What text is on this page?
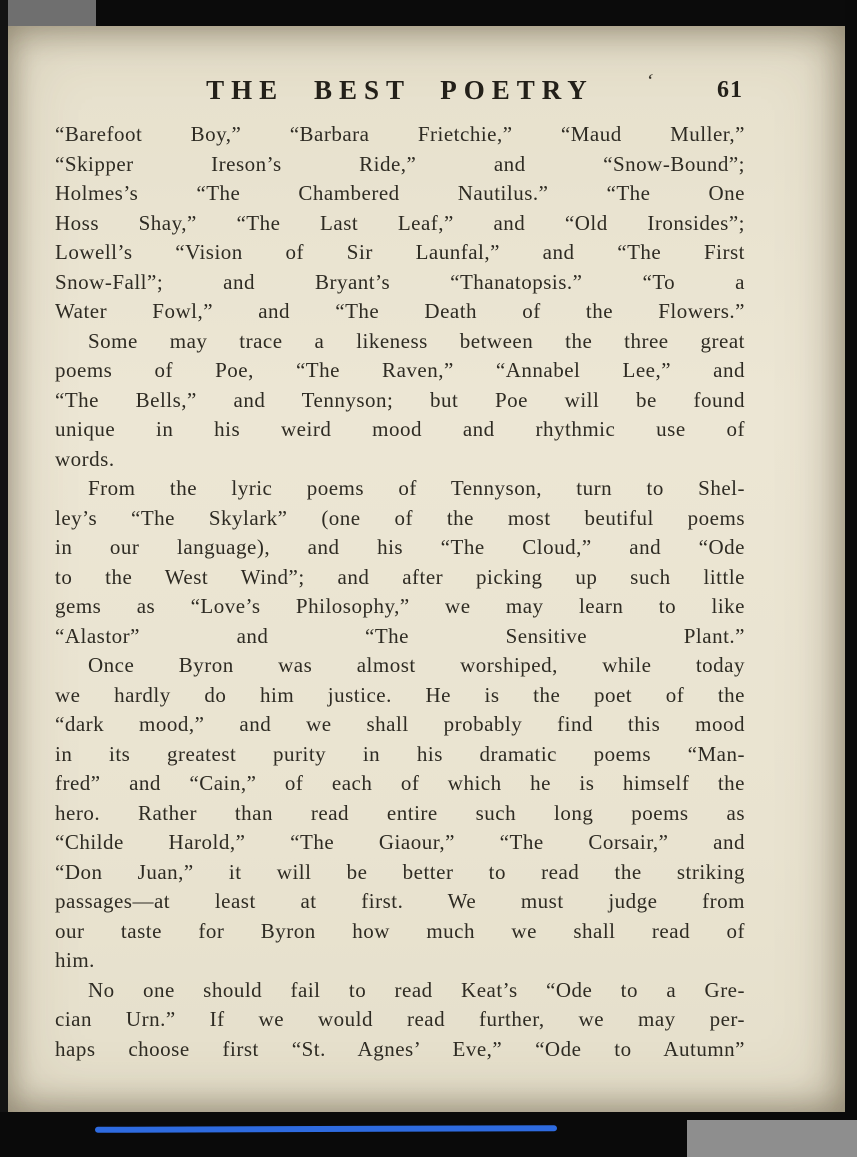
THE BEST POETRY	‘	61
“Barefoot Boy,” “Barbara Frietchie,” “Maud Muller,”
“Skipper Ireson’s Ride,” and “Snow-Bound”;
Holmes’s “The Chambered Nautilus.” “The One
Hoss Shay,” “The Last Leaf,” and “Old Ironsides”;
Lowell’s “Vision of Sir Launfal,” and “The First
Snow-Fall”; and Bryant’s “Thanatopsis.” “To a
Water Fowl,” and “The Death of the Flowers.”
Some may trace a likeness between the three great
poems of Poe, “The Raven,” “Annabel Lee,” and
“The Bells,” and Tennyson; but Poe will be found
unique in his weird mood and rhythmic use of
words.
From the lyric poems of Tennyson, turn to Shel-
ley’s “The Skylark” (one of the most beutiful poems
in our language), and his “The Cloud,” and “Ode
to the West Wind”; and after picking up such little
gems as “Love’s Philosophy,” we may learn to like
“Alastor” and “The Sensitive Plant.”
Once Byron was almost worshiped, while today
we hardly do him justice. He is the poet of the
“dark mood,” and we shall probably find this mood
in its greatest purity in his dramatic poems “Man-
fred” and “Cain,” of each of which he is himself the
hero. Rather than read entire such long poems as
“Childe Harold,” “The Giaour,” “The Corsair,” and
“Don Juan,” it will be better to read the striking
passages—at least at first. We must judge from
our taste for Byron how much we shall read of
him.
No one should fail to read Keat’s “Ode to a Gre-
cian Urn.” If we would read further, we may per-
haps choose first “St. Agnes’ Eve,” “Ode to Autumn”
